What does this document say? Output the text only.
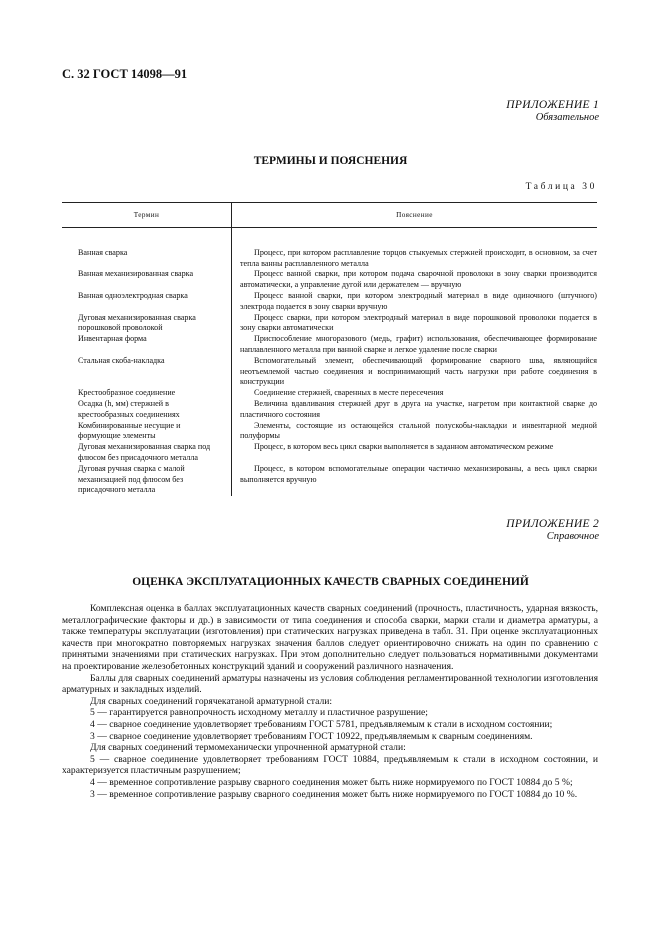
С. 32 ГОСТ 14098—91
ПРИЛОЖЕНИЕ 1
Обязательное
ТЕРМИНЫ И ПОЯСНЕНИЯ
Таблица 30
Термин	Пояснение

Ванная сварка	Процесс, при котором расплавление торцов стыкуемых стержней происходит, в основном, за счет тепла ванны расплавленного металла

Ванная механизированная сварка	Процесс ванной сварки, при котором подача сварочной проволоки в зону сварки производится автоматически, а управление дугой или держателем — вручную

Ванная одноэлектродная сварка	Процесс ванной сварки, при котором электродный материал в виде одиночного (штучного) электрода подается в зону сварки вручную

Дуговая механизированная сварка порошковой проволокой	Процесс сварки, при котором электродный материал в виде порошковой проволоки подается в зону сварки автоматически

Инвентарная форма	Приспособление многоразового (медь, графит) использования, обеспечивающее формирование наплавленного металла при ванной сварке и легкое удаление после сварки

Стальная скоба-накладка	Вспомогательный элемент, обеспечивающий формирование сварного шва, являющийся неотъемлемой частью соединения и воспринимающий часть нагрузки при работе соединения в конструкции

Крестообразное соединение	Соединение стержней, сваренных в месте пересечения

Осадка (h, мм) стержней в крестообразных соединениях	Величина вдавливания стержней друг в друга на участке, нагретом при контактной сварке до пластичного состояния

Комбинированные несущие и формующие элементы	Элементы, состоящие из остающейся стальной полускобы-накладки и инвентарной медной полуформы

Дуговая механизированная сварка под флюсом без присадочного металла	Процесс, в котором весь цикл сварки выполняется в заданном автоматическом режиме

Дуговая ручная сварка с малой механизацией под флюсом без присадочного металла	Процесс, в котором вспомогательные операции частично механизированы, а весь цикл сварки выполняется вручную

ПРИЛОЖЕНИЕ 2
Справочное
ОЦЕНКА ЭКСПЛУАТАЦИОННЫХ КАЧЕСТВ СВАРНЫХ СОЕДИНЕНИЙ

Комплексная оценка в баллах эксплуатационных качеств сварных соединений (прочность, пластичность, ударная вязкость, металлографические факторы и др.) в зависимости от типа соединения и способа сварки, марки стали и диаметра арматуры, а также температуры эксплуатации (изготовления) при статических нагрузках приведена в табл. 31. При оценке эксплуатационных качеств при многократно повторяемых нагрузках значения баллов следует ориентировочно снижать на один по сравнению с принятыми значениями при статических нагрузках. При этом дополнительно следует пользоваться нормативными документами на проектирование железобетонных конструкций зданий и сооружений различного назначения.

Баллы для сварных соединений арматуры назначены из условия соблюдения регламентированной технологии изготовления арматурных и закладных изделий.

Для сварных соединений горячекатаной арматурной стали:

5 — гарантируется равнопрочность исходному металлу и пластичное разрушение;

4 — сварное соединение удовлетворяет требованиям ГОСТ 5781, предъявляемым к стали в исходном состоянии;

3 — сварное соединение удовлетворяет требованиям ГОСТ 10922, предъявляемым к сварным соединениям.

Для сварных соединений термомеханически упрочненной арматурной стали:

5 — сварное соединение удовлетворяет требованиям ГОСТ 10884, предъявляемым к стали в исходном состоянии, и характеризуется пластичным разрушением;

4 — временное сопротивление разрыву сварного соединения может быть ниже нормируемого по ГОСТ 10884 до 5 %;

3 — временное сопротивление разрыву сварного соединения может быть ниже нормируемого по ГОСТ 10884 до 10 %.
